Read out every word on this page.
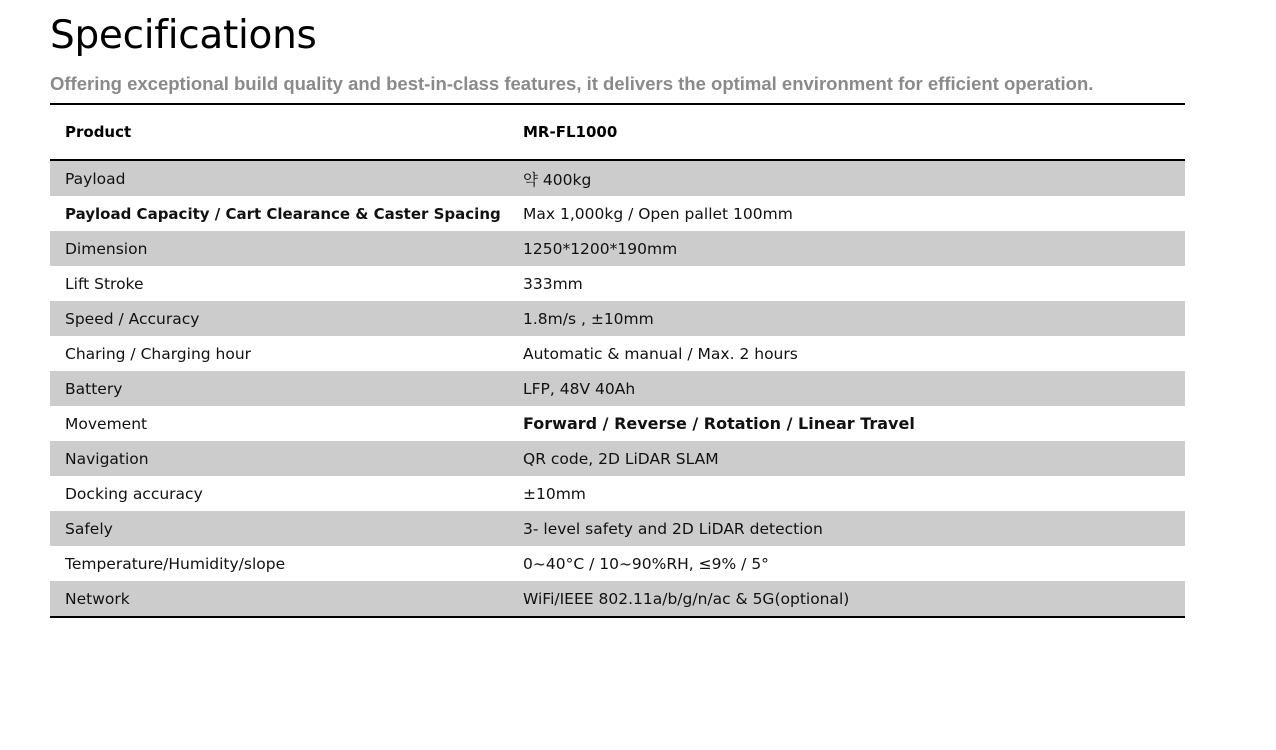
Specifications

Offering exceptional build quality and best-in-class features, it delivers the optimal environment for efficient operation.

Product	MR-FL1000
Payload	약 400kg
Payload Capacity / Cart Clearance & Caster Spacing	Max 1,000kg / Open pallet 100mm
Dimension	1250*1200*190mm
Lift Stroke	333mm
Speed / Accuracy	1.8m/s , ±10mm
Charing / Charging hour	Automatic & manual / Max. 2 hours
Battery	LFP, 48V 40Ah
Movement	Forward / Reverse / Rotation / Linear Travel
Navigation	QR code, 2D LiDAR SLAM
Docking accuracy	±10mm
Safely	3- level safety and 2D LiDAR detection
Temperature/Humidity/slope	0~40°C / 10~90%RH, ≤9% / 5°
Network	WiFi/IEEE 802.11a/b/g/n/ac & 5G(optional)
